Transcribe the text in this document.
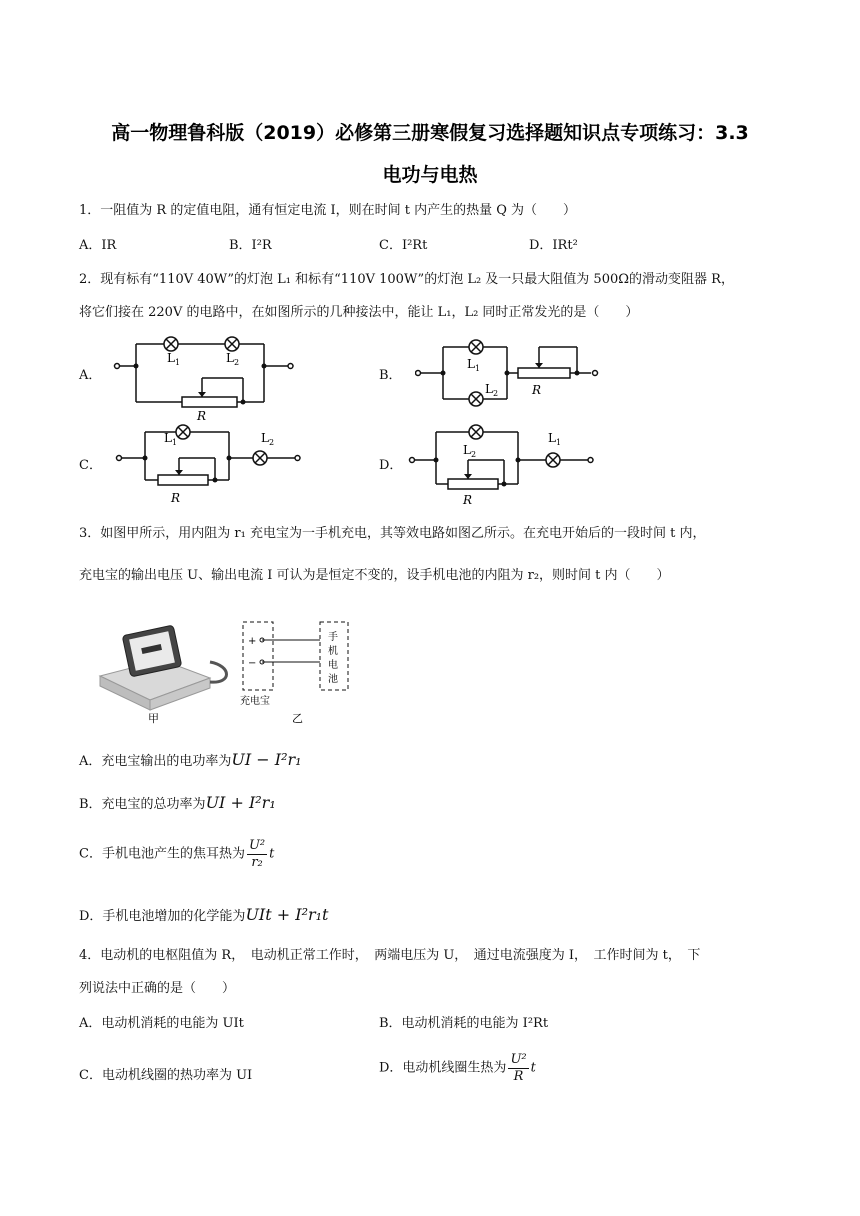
高一物理鲁科版（2019）必修第三册寒假复习选择题知识点专项练习：3.3
电功与电热
1．一阻值为 R 的定值电阻，通有恒定电流 I，则在时间 t 内产生的热量 Q 为（　　）
A．IR	B．I²R	C．I²Rt	D．IRt²
2．现有标有“110V 40W”的灯泡 L₁ 和标有“110V 100W”的灯泡 L₂ 及一只最大阻值为 500Ω的滑动变阻器 R，
将它们接在 220V 的电路中，在如图所示的几种接法中，能让 L₁，L₂ 同时正常发光的是（　　）
A．	B．
C．	D．
$L_1$	$L_2$
R
$L_1$
$L_2$	R
$L_1$	$L_2$
R
$L_2$
$L_1$
R
3．如图甲所示，用内阻为 r₁ 充电宝为一手机充电，其等效电路如图乙所示。在充电开始后的一段时间 t 内，
充电宝的输出电压 U、输出电流 I 可认为是恒定不变的，设手机电池的内阻为 r₂，则时间 t 内（　　）
甲
+
−
手
机
电
池
充电宝
乙
A．充电宝输出的电功率为UI − I²r₁
B．充电宝的总功率为UI + I²r₁
C．手机电池产生的焦耳热为 $\frac{\text{U²}}{\text{r₂}}$ t
D．手机电池增加的化学能为UIt + I²r₁t
4．电动机的电枢阻值为 R，　电动机正常工作时，　两端电压为 U，　通过电流强度为 I，　工作时间为 t，　下
列说法中正确的是（　　）
A．电动机消耗的电能为 UIt	B．电动机消耗的电能为 I²Rt
C．电动机线圈的热功率为 UI	D．电动机线圈生热为 $\frac{\text{U²}}{R}$ t
